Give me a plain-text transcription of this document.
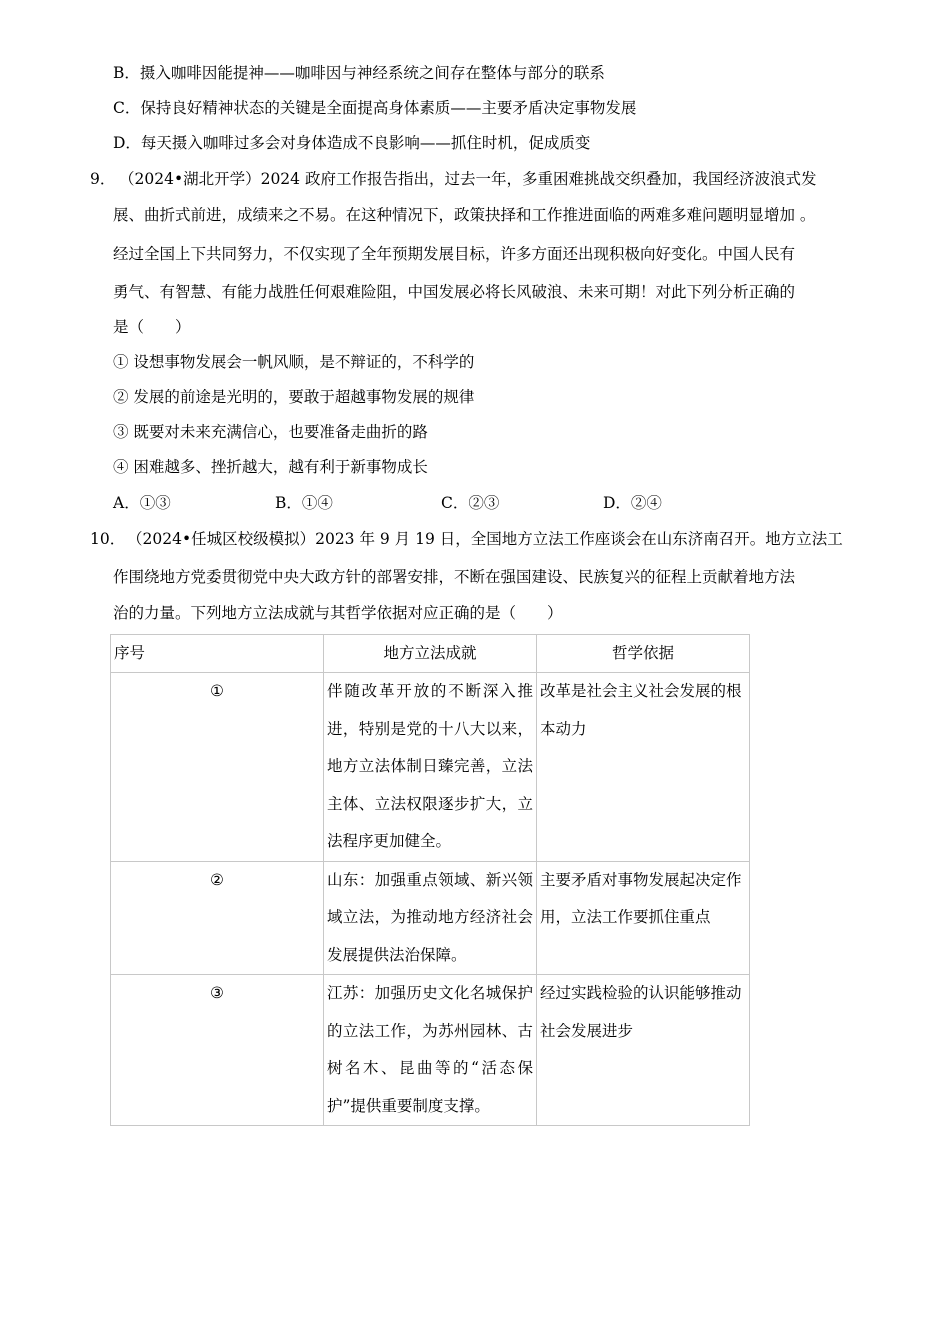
B．摄入咖啡因能提神——咖啡因与神经系统之间存在整体与部分的联系
C．保持良好精神状态的关键是全面提高身体素质——主要矛盾决定事物发展
D．每天摄入咖啡过多会对身体造成不良影响——抓住时机，促成质变
9． （2024•湖北开学）2024 政府工作报告指出，过去一年，多重困难挑战交织叠加，我国经济波浪式发
展、曲折式前进，成绩来之不易。在这种情况下，政策抉择和工作推进面临的两难多难问题明显增加 。
经过全国上下共同努力，不仅实现了全年预期发展目标，许多方面还出现积极向好变化。中国人民有
勇气、有智慧、有能力战胜任何艰难险阻，中国发展必将长风破浪、未来可期！对此下列分析正确的
是（　　）
① 设想事物发展会一帆风顺，是不辩证的，不科学的
② 发展的前途是光明的，要敢于超越事物发展的规律
③ 既要对未来充满信心，也要准备走曲折的路
④ 困难越多、挫折越大，越有利于新事物成长
A．①③	B．①④	C．②③	D．②④
10． （2024•任城区校级模拟）2023 年 9 月 19 日，全国地方立法工作座谈会在山东济南召开。地方立法工
作围绕地方党委贯彻党中央大政方针的部署安排，不断在强国建设、民族复兴的征程上贡献着地方法
治的力量。下列地方立法成就与其哲学依据对应正确的是（　　）
序号	地方立法成就	哲学依据
①	伴随改革开放的不断深入推进，特别是党的十八大以来，地方立法体制日臻完善，立法主体、立法权限逐步扩大，立法程序更加健全。	改革是社会主义社会发展的根本动力
②	山东：加强重点领域、新兴领域立法，为推动地方经济社会发展提供法治保障。	主要矛盾对事物发展起决定作用，立法工作要抓住重点
③	江苏：加强历史文化名城保护的立法工作，为苏州园林、古树名木、昆曲等的“活态保护”提供重要制度支撑。	经过实践检验的认识能够推动社会发展进步
